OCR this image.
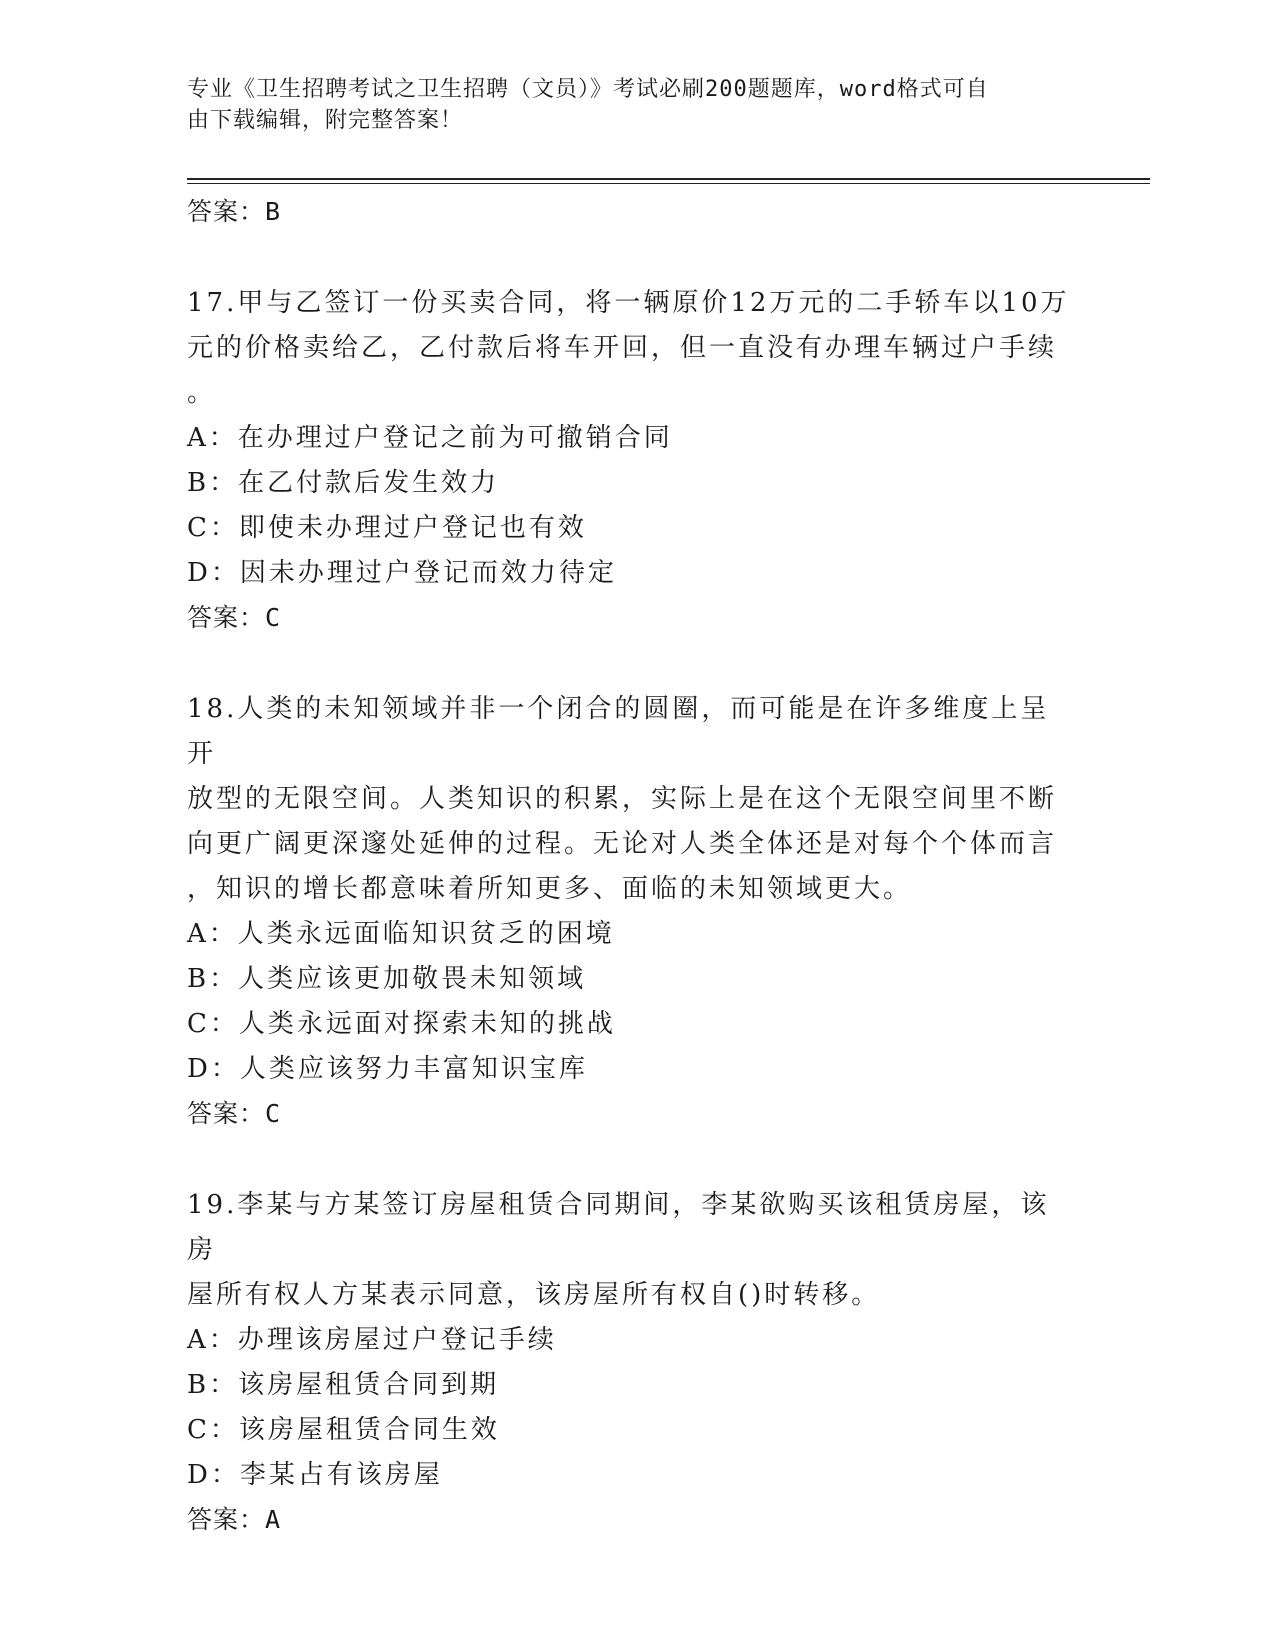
专业《卫生招聘考试之卫生招聘（文员）》考试必刷200题题库，word格式可自
由下载编辑，附完整答案！
答案：B

17.甲与乙签订一份买卖合同，将一辆原价12万元的二手轿车以10万

元的价格卖给乙，乙付款后将车开回，但一直没有办理车辆过户手续

。

A：在办理过户登记之前为可撤销合同
B：在乙付款后发生效力
C：即使未办理过户登记也有效
D：因未办理过户登记而效力待定
答案：C

18.人类的未知领域并非一个闭合的圆圈，而可能是在许多维度上呈开

放型的无限空间。人类知识的积累，实际上是在这个无限空间里不断

向更广阔更深邃处延伸的过程。无论对人类全体还是对每个个体而言

，知识的增长都意味着所知更多、面临的未知领域更大。

A：人类永远面临知识贫乏的困境
B：人类应该更加敬畏未知领域
C：人类永远面对探索未知的挑战
D：人类应该努力丰富知识宝库
答案：C

19.李某与方某签订房屋租赁合同期间，李某欲购买该租赁房屋，该房

屋所有权人方某表示同意，该房屋所有权自()时转移。

A：办理该房屋过户登记手续
B：该房屋租赁合同到期
C：该房屋租赁合同生效
D：李某占有该房屋
答案：A
